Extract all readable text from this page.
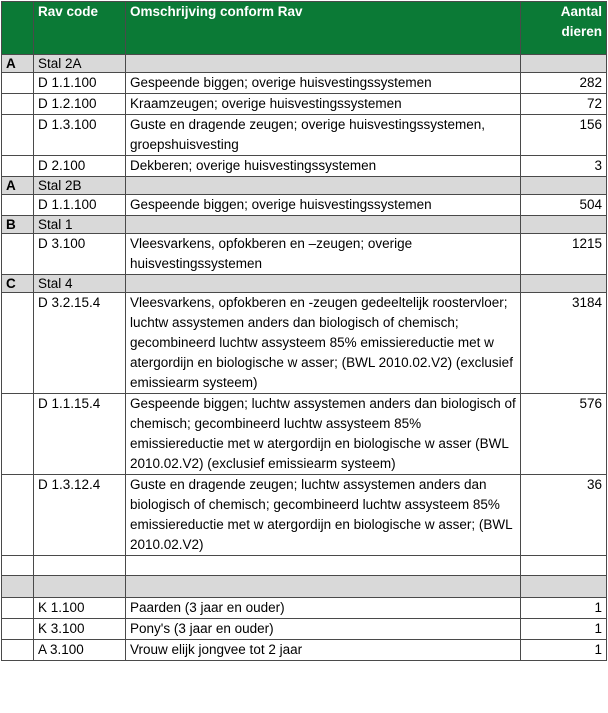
	Rav code	Omschrijving conform Rav	Aantal
dieren
A	Stal 2A		
	D 1.1.100	Gespeende biggen; overige huisvestingssystemen	282
	D 1.2.100	Kraamzeugen; overige huisvestingssystemen	72
	D 1.3.100	Guste en dragende zeugen; overige huisvestingssystemen, groepshuisvesting	156
	D 2.100	Dekberen; overige huisvestingssystemen	3
A	Stal 2B		
	D 1.1.100	Gespeende biggen; overige huisvestingssystemen	504
B	Stal 1		
	D 3.100	Vleesvarkens, opfokberen en –zeugen; overige huisvestingssystemen	1215
C	Stal 4		
	D 3.2.15.4	Vleesvarkens, opfokberen en -zeugen gedeeltelijk roostervloer; luchtw assystemen anders dan biologisch of chemisch; gecombineerd luchtw assysteem 85% emissiereductie met w atergordijn en biologische w asser; (BWL 2010.02.V2) (exclusief emissiearm systeem)	3184
	D 1.1.15.4	Gespeende biggen; luchtw assystemen anders dan biologisch of chemisch; gecombineerd luchtw assysteem 85% emissiereductie met w atergordijn en biologische w asser (BWL 2010.02.V2) (exclusief emissiearm systeem)	576
	D 1.3.12.4	Guste en dragende zeugen; luchtw assystemen anders dan biologisch of chemisch; gecombineerd luchtw assysteem 85% emissiereductie met w atergordijn en biologische w asser; (BWL 2010.02.V2)	36

	K 1.100	Paarden (3 jaar en ouder)	1
	K 3.100	Pony's (3 jaar en ouder)	1
	A 3.100	Vrouw elijk jongvee tot 2 jaar	1
